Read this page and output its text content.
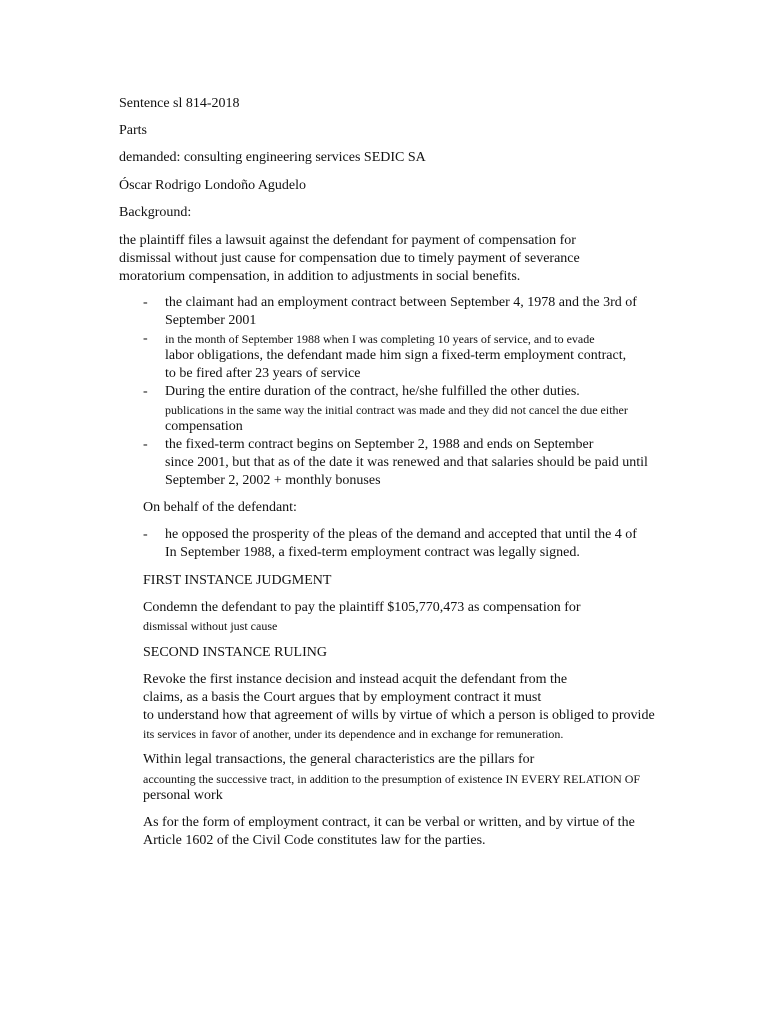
Sentence sl 814-2018
Parts
demanded: consulting engineering services SEDIC SA
Óscar Rodrigo Londoño Agudelo
Background:
the plaintiff files a lawsuit against the defendant for payment of compensation for
dismissal without just cause for compensation due to timely payment of severance
moratorium compensation, in addition to adjustments in social benefits.
- the claimant had an employment contract between September 4, 1978 and the 3rd of
September 2001
- in the month of September 1988 when I was completing 10 years of service, and to evade
labor obligations, the defendant made him sign a fixed-term employment contract,
to be fired after 23 years of service
- During the entire duration of the contract, he/she fulfilled the other duties.
publications in the same way the initial contract was made and they did not cancel the due either
compensation
- the fixed-term contract begins on September 2, 1988 and ends on September
since 2001, but that as of the date it was renewed and that salaries should be paid until
September 2, 2002 + monthly bonuses
On behalf of the defendant:
- he opposed the prosperity of the pleas of the demand and accepted that until the 4 of
In September 1988, a fixed-term employment contract was legally signed.
FIRST INSTANCE JUDGMENT
Condemn the defendant to pay the plaintiff $105,770,473 as compensation for
dismissal without just cause
SECOND INSTANCE RULING
Revoke the first instance decision and instead acquit the defendant from the
claims, as a basis the Court argues that by employment contract it must
to understand how that agreement of wills by virtue of which a person is obliged to provide
its services in favor of another, under its dependence and in exchange for remuneration.
Within legal transactions, the general characteristics are the pillars for
accounting the successive tract, in addition to the presumption of existence IN EVERY RELATION OF
personal work
As for the form of employment contract, it can be verbal or written, and by virtue of the
Article 1602 of the Civil Code constitutes law for the parties.
